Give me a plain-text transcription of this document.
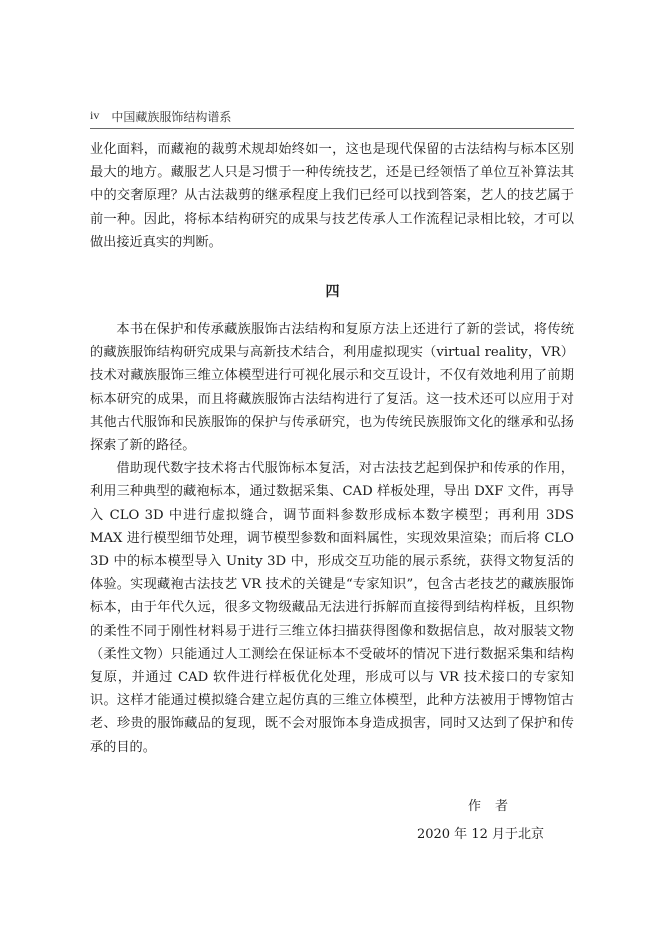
iv 中国藏族服饰结构谱系

业化面料，而藏袍的裁剪术规却始终如一，这也是现代保留的古法结构与标本区别最大的地方。藏服艺人只是习惯于一种传统技艺，还是已经领悟了单位互补算法其中的交奢原理？从古法裁剪的继承程度上我们已经可以找到答案，艺人的技艺属于前一种。因此，将标本结构研究的成果与技艺传承人工作流程记录相比较，才可以做出接近真实的判断。

四

本书在保护和传承藏族服饰古法结构和复原方法上还进行了新的尝试，将传统的藏族服饰结构研究成果与高新技术结合，利用虚拟现实（virtual reality，VR）技术对藏族服饰三维立体模型进行可视化展示和交互设计，不仅有效地利用了前期标本研究的成果，而且将藏族服饰古法结构进行了复活。这一技术还可以应用于对其他古代服饰和民族服饰的保护与传承研究，也为传统民族服饰文化的继承和弘扬探索了新的路径。

借助现代数字技术将古代服饰标本复活，对古法技艺起到保护和传承的作用，利用三种典型的藏袍标本，通过数据采集、CAD 样板处理，导出 DXF 文件，再导入 CLO 3D 中进行虚拟缝合，调节面料参数形成标本数字模型；再利用 3DS MAX 进行模型细节处理，调节模型参数和面料属性，实现效果渲染；而后将 CLO 3D 中的标本模型导入 Unity 3D 中，形成交互功能的展示系统，获得文物复活的体验。实现藏袍古法技艺 VR 技术的关键是“专家知识”，包含古老技艺的藏族服饰标本，由于年代久远，很多文物级藏品无法进行拆解而直接得到结构样板，且织物的柔性不同于刚性材料易于进行三维立体扫描获得图像和数据信息，故对服装文物（柔性文物）只能通过人工测绘在保证标本不受破坏的情况下进行数据采集和结构复原，并通过 CAD 软件进行样板优化处理，形成可以与 VR 技术接口的专家知识。这样才能通过模拟缝合建立起仿真的三维立体模型，此种方法被用于博物馆古老、珍贵的服饰藏品的复现，既不会对服饰本身造成损害，同时又达到了保护和传承的目的。

作者
2020 年 12 月于北京
